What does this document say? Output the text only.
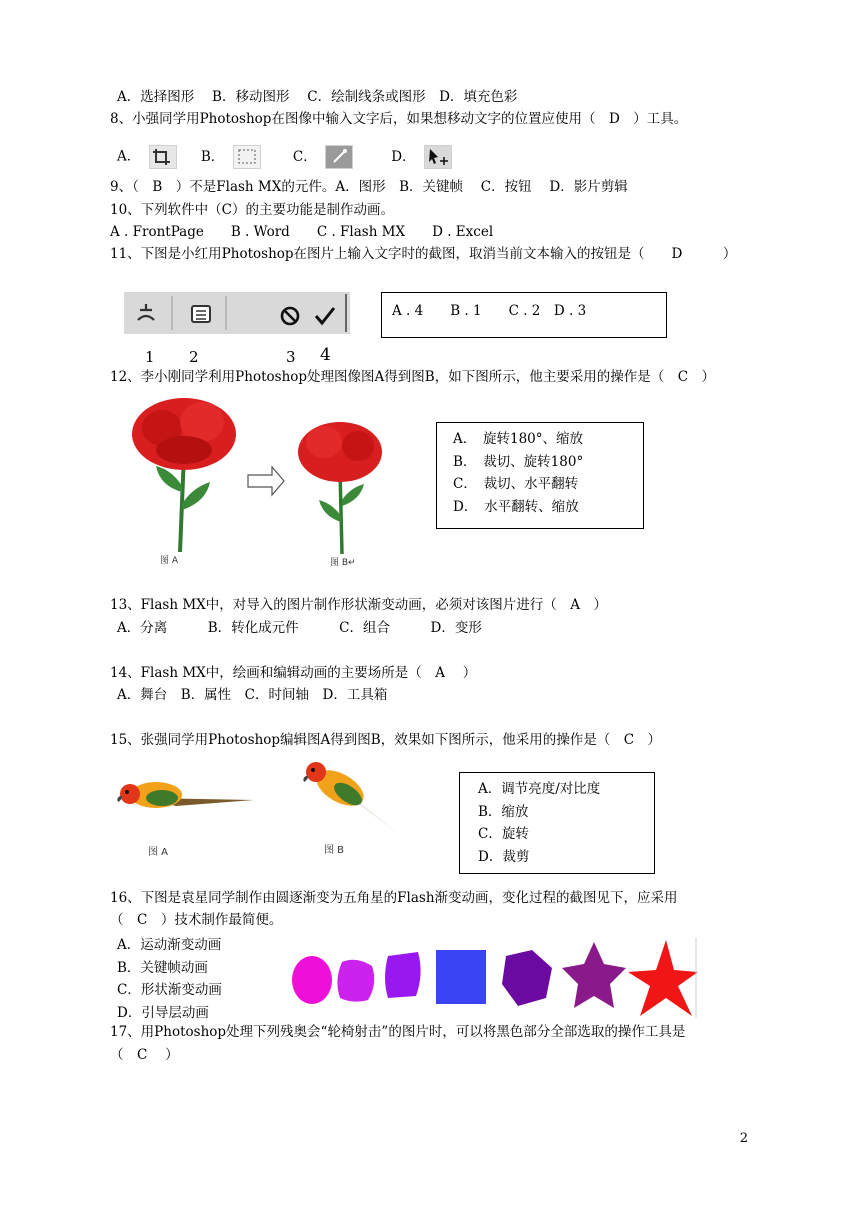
A．选择图形　 B．移动图形　 C．绘制线条或图形　D．填充色彩
8、小强同学用Photoshop在图像中输入文字后，如果想移动文字的位置应使用（　D　）工具。
A．	B．	C．	D．
9、（　B　）不是Flash MX的元件。A．图形　B．关键帧　 C．按钮　 D．影片剪辑
10、下列软件中（C）的主要功能是制作动画。
A . FrontPage　　B . Word　　C . Flash MX　　D . Excel
11、下图是小红用Photoshop在图片上输入文字时的截图，取消当前文本输入的按钮是（　　D　　　）
1 2	3 4
A . 4　　B . 1　　C . 2　D . 3
12、李小刚同学利用Photoshop处理图像图A得到图B，如下图所示，他主要采用的操作是（　C　）
图 A	图 B↵
A．　旋转180°、缩放
B．　裁切、旋转180°
C．　裁切、水平翻转
D．　水平翻转、缩放
13、Flash MX中，对导入的图片制作形状渐变动画，必须对该图片进行（　A　）
A．分离　　　B．转化成元件　　　C．组合　　　D．变形
14、Flash MX中，绘画和编辑动画的主要场所是（　A　 ）
A．舞台　B．属性　C．时间轴　D．工具箱
15、张强同学用Photoshop编辑图A得到图B，效果如下图所示，他采用的操作是（　C　）
图 A	图 B
A．调节亮度/对比度
B．缩放
C．旋转
D．裁剪
16、下图是袁星同学制作由圆逐渐变为五角星的Flash渐变动画，变化过程的截图见下，应采用
（　C　）技术制作最简便。
A．运动渐变动画
B．关键帧动画
C．形状渐变动画
D．引导层动画
17、用Photoshop处理下列残奥会“轮椅射击”的图片时，可以将黑色部分全部选取的操作工具是
（　C　 ）
2
